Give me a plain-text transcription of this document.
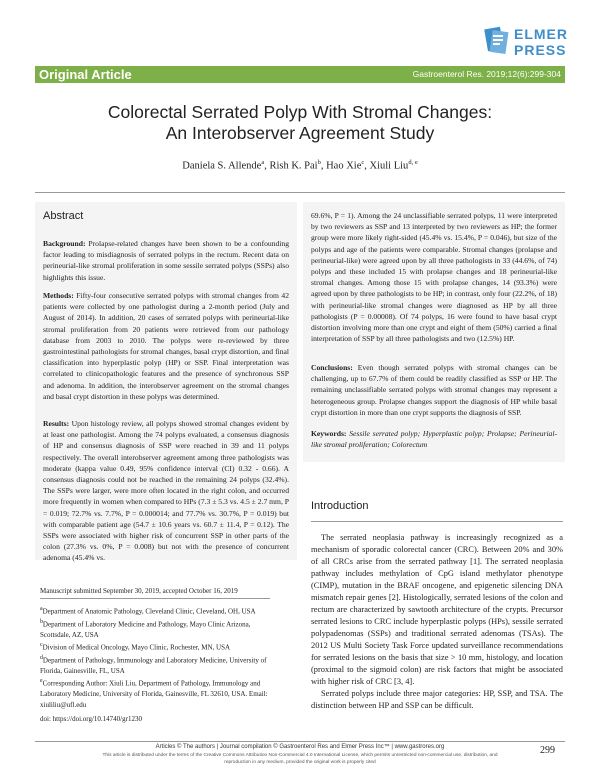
ELMER
PRESS
Original Article	Gastroenterol Res. 2019;12(6):299-304
Colorectal Serrated Polyp With Stromal Changes:
An Interobserver Agreement Study
Daniela S. Allende$^a$, Rish K. Pai$^b$, Hao Xie$^c$, Xiuli Liu$^{d, e}$
Abstract
Background: Prolapse-related changes have been shown to be a confounding factor leading to misdiagnosis of serrated polyps in the rectum. Recent data on perineurial-like stromal proliferation in some sessile serrated polyps (SSPs) also highlights this issue.
Methods: Fifty-four consecutive serrated polyps with stromal changes from 42 patients were collected by one pathologist during a 2-month period (July and August of 2014). In addition, 20 cases of serrated polyps with perineurial-like stromal proliferation from 20 patients were retrieved from our pathology database from 2003 to 2010. The polyps were re-reviewed by three gastrointestinal pathologists for stromal changes, basal crypt distortion, and final classification into hyperplastic polyp (HP) or SSP. Final interpretation was correlated to clinicopathologic features and the presence of synchronous SSP and adenoma. In addition, the interobserver agreement on the stromal changes and basal crypt distortion in these polyps was determined.
Results: Upon histology review, all polyps showed stromal changes evident by at least one pathologist. Among the 74 polyps evaluated, a consensus diagnosis of HP and consensus diagnosis of SSP were reached in 39 and 11 polyps respectively. The overall interobserver agreement among three pathologists was moderate (kappa value 0.49, 95% confidence interval (CI) 0.32 - 0.66). A consensus diagnosis could not be reached in the remaining 24 polyps (32.4%). The SSPs were larger, were more often located in the right colon, and occurred more frequently in women when compared to HPs (7.3 ± 5.3 vs. 4.5 ± 2.7 mm, P = 0.019; 72.7% vs. 7.7%, P = 0.000014; and 77.7% vs. 30.7%, P = 0.019) but with comparable patient age (54.7 ± 10.6 years vs. 60.7 ± 11.4, P = 0.12). The SSPs were associated with higher risk of concurrent SSP in other parts of the colon (27.3% vs. 0%, P = 0.008) but not with the presence of concurrent adenoma (45.4% vs.
69.6%, P = 1). Among the 24 unclassifiable serrated polyps, 11 were interpreted by two reviewers as SSP and 13 interpreted by two reviewers as HP; the former group were more likely right-sided (45.4% vs. 15.4%, P = 0.046), but size of the polyps and age of the patients were comparable. Stromal changes (prolapse and perineurial-like) were agreed upon by all three pathologists in 33 (44.6%, of 74) polyps and these included 15 with prolapse changes and 18 perineurial-like stromal changes. Among those 15 with prolapse changes, 14 (93.3%) were agreed upon by three pathologists to be HP; in contrast, only four (22.2%, of 18) with perineurial-like stromal changes were diagnosed as HP by all three pathologists (P = 0.00008). Of 74 polyps, 16 were found to have basal crypt distortion involving more than one crypt and eight of them (50%) carried a final interpretation of SSP by all three pathologists and two (12.5%) HP.
Conclusions: Even though serrated polyps with stromal changes can be challenging, up to 67.7% of them could be readily classified as SSP or HP. The remaining unclassifiable serrated polyps with stromal changes may represent a heterogeneous group. Prolapse changes support the diagnosis of HP while basal crypt distortion in more than one crypt supports the diagnosis of SSP.
Keywords: Sessile serrated polyp; Hyperplastic polyp; Prolapse; Perineurial-like stromal proliferation; Colorectum
Manuscript submitted September 30, 2019, accepted October 16, 2019
$^a$Department of Anatomic Pathology, Cleveland Clinic, Cleveland, OH, USA
$^b$Department of Laboratory Medicine and Pathology, Mayo Clinic Arizona, Scottsdale, AZ, USA
$^c$Division of Medical Oncology, Mayo Clinic, Rochester, MN, USA
$^d$Department of Pathology, Immunology and Laboratory Medicine, University of Florida, Gainesville, FL, USA
$^e$Corresponding Author: Xiuli Liu, Department of Pathology, Immunology and Laboratory Medicine, University of Florida, Gainesville, FL 32610, USA. Email: xiuliliu@ufl.edu
doi: https://doi.org/10.14740/gr1230
Introduction
The serrated neoplasia pathway is increasingly recognized as a mechanism of sporadic colorectal cancer (CRC). Between 20% and 30% of all CRCs arise from the serrated pathway [1]. The serrated neoplasia pathway includes methylation of CpG island methylator phenotype (CIMP), mutation in the BRAF oncogene, and epigenetic silencing DNA mismatch repair genes [2]. Histologically, serrated lesions of the colon and rectum are characterized by sawtooth architecture of the crypts. Precursor serrated lesions to CRC include hyperplastic polyps (HPs), sessile serrated polypadenomas (SSPs) and traditional serrated adenomas (TSAs). The 2012 US Multi Society Task Force updated surveillance recommendations for serrated lesions on the basis that size > 10 mm, histology, and location (proximal to the sigmoid colon) are risk factors that might be associated with higher risk of CRC [3, 4].
Serrated polyps include three major categories: HP, SSP, and TSA. The distinction between HP and SSP can be difficult.
Articles © The authors | Journal compilation © Gastroenterol Res and Elmer Press Inc™ | www.gastrores.org
This article is distributed under the terms of the Creative Commons Attribution Non-Commercial 4.0 International License, which permits unrestricted non-commercial use, distribution, and reproduction in any medium, provided the original work is properly cited
299
